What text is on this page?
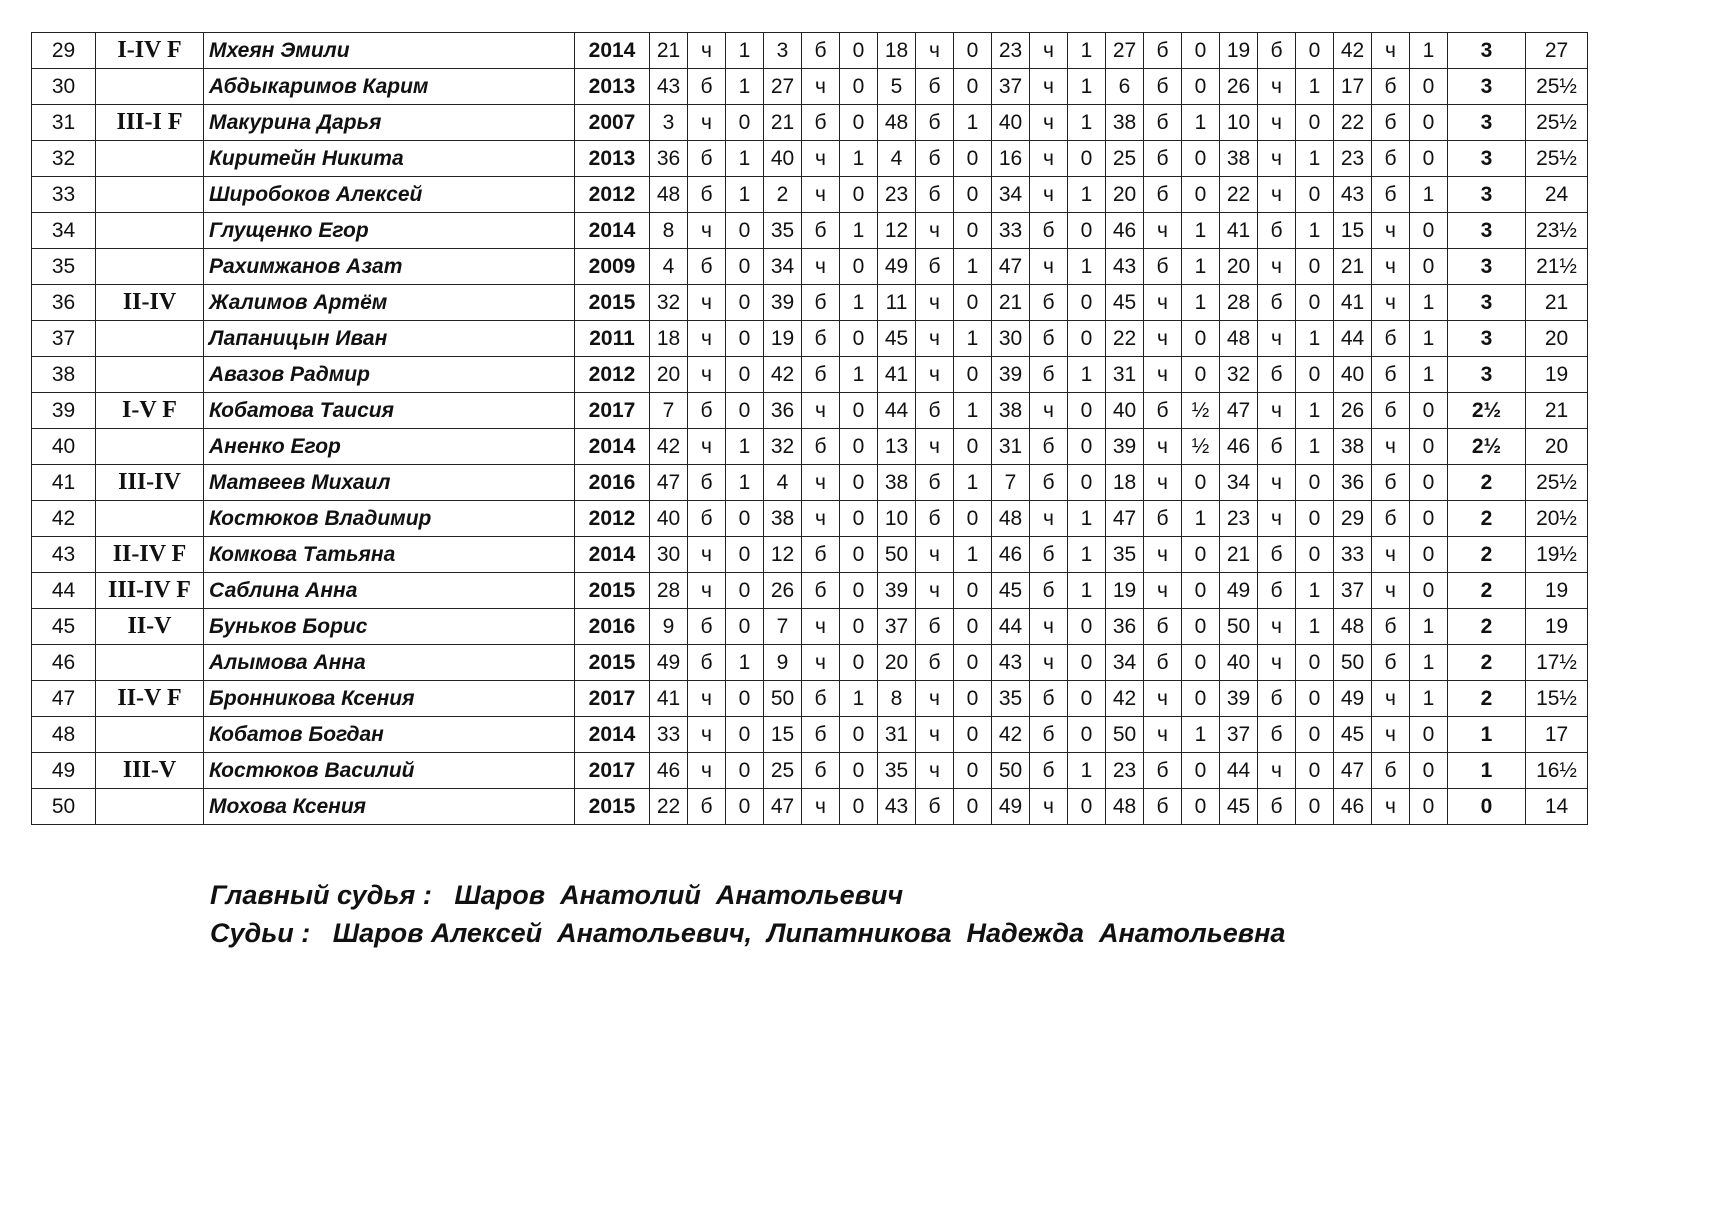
29	I-IV F	Мхеян Эмили	2014	21	ч	1	3	б	0	18	ч	0	23	ч	1	27	б	0	19	б	0	42	ч	1	3	27
30		Абдыкаримов Карим	2013	43	б	1	27	ч	0	5	б	0	37	ч	1	6	б	0	26	ч	1	17	б	0	3	25½
31	III-I F	Макурина Дарья	2007	3	ч	0	21	б	0	48	б	1	40	ч	1	38	б	1	10	ч	0	22	б	0	3	25½
32		Киритейн Никита	2013	36	б	1	40	ч	1	4	б	0	16	ч	0	25	б	0	38	ч	1	23	б	0	3	25½
33		Широбоков Алексей	2012	48	б	1	2	ч	0	23	б	0	34	ч	1	20	б	0	22	ч	0	43	б	1	3	24
34		Глущенко Егор	2014	8	ч	0	35	б	1	12	ч	0	33	б	0	46	ч	1	41	б	1	15	ч	0	3	23½
35		Рахимжанов Азат	2009	4	б	0	34	ч	0	49	б	1	47	ч	1	43	б	1	20	ч	0	21	ч	0	3	21½
36	II-IV	Жалимов Артём	2015	32	ч	0	39	б	1	11	ч	0	21	б	0	45	ч	1	28	б	0	41	ч	1	3	21
37		Лапаницын Иван	2011	18	ч	0	19	б	0	45	ч	1	30	б	0	22	ч	0	48	ч	1	44	б	1	3	20
38		Авазов Радмир	2012	20	ч	0	42	б	1	41	ч	0	39	б	1	31	ч	0	32	б	0	40	б	1	3	19
39	I-V F	Кобатова Таисия	2017	7	б	0	36	ч	0	44	б	1	38	ч	0	40	б	½	47	ч	1	26	б	0	2½	21
40		Аненко Егор	2014	42	ч	1	32	б	0	13	ч	0	31	б	0	39	ч	½	46	б	1	38	ч	0	2½	20
41	III-IV	Матвеев Михаил	2016	47	б	1	4	ч	0	38	б	1	7	б	0	18	ч	0	34	ч	0	36	б	0	2	25½
42		Костюков Владимир	2012	40	б	0	38	ч	0	10	б	0	48	ч	1	47	б	1	23	ч	0	29	б	0	2	20½
43	II-IV F	Комкова Татьяна	2014	30	ч	0	12	б	0	50	ч	1	46	б	1	35	ч	0	21	б	0	33	ч	0	2	19½
44	III-IV F	Саблина Анна	2015	28	ч	0	26	б	0	39	ч	0	45	б	1	19	ч	0	49	б	1	37	ч	0	2	19
45	II-V	Буньков Борис	2016	9	б	0	7	ч	0	37	б	0	44	ч	0	36	б	0	50	ч	1	48	б	1	2	19
46		Алымова Анна	2015	49	б	1	9	ч	0	20	б	0	43	ч	0	34	б	0	40	ч	0	50	б	1	2	17½
47	II-V F	Бронникова Ксения	2017	41	ч	0	50	б	1	8	ч	0	35	б	0	42	ч	0	39	б	0	49	ч	1	2	15½
48		Кобатов Богдан	2014	33	ч	0	15	б	0	31	ч	0	42	б	0	50	ч	1	37	б	0	45	ч	0	1	17
49	III-V	Костюков Василий	2017	46	ч	0	25	б	0	35	ч	0	50	б	1	23	б	0	44	ч	0	47	б	0	1	16½
50		Мохова Ксения	2015	22	б	0	47	ч	0	43	б	0	49	ч	0	48	б	0	45	б	0	46	ч	0	0	14
Главный судья :   Шаров  Анатолий  Анатольевич
Судьи :   Шаров Алексей  Анатольевич,  Липатникова  Надежда  Анатольевна
